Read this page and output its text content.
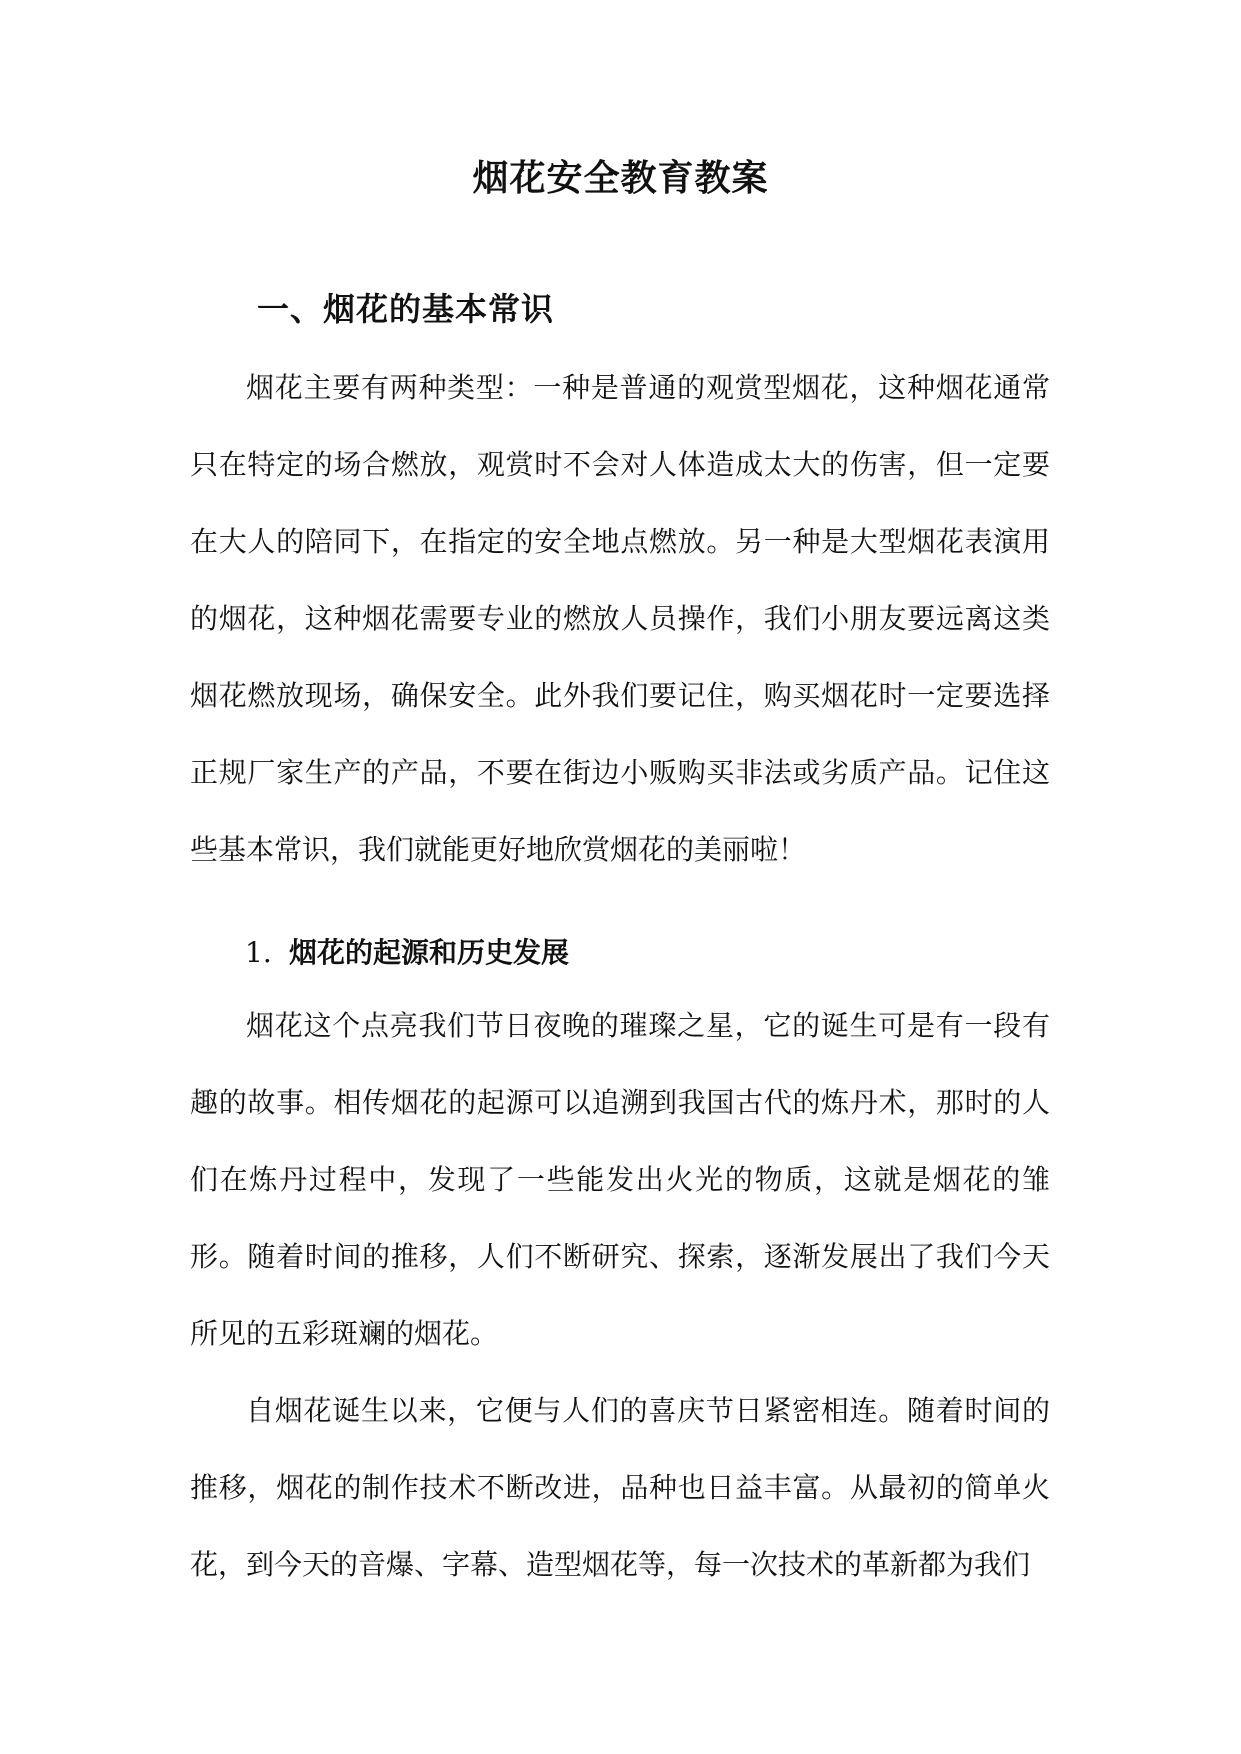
烟花安全教育教案
一、烟花的基本常识

烟花主要有两种类型：一种是普通的观赏型烟花，这种烟花通常只在特定的场合燃放，观赏时不会对人体造成太大的伤害，但一定要在大人的陪同下，在指定的安全地点燃放。另一种是大型烟花表演用的烟花，这种烟花需要专业的燃放人员操作，我们小朋友要远离这类烟花燃放现场，确保安全。此外我们要记住，购买烟花时一定要选择正规厂家生产的产品，不要在街边小贩购买非法或劣质产品。记住这些基本常识，我们就能更好地欣赏烟花的美丽啦！

1. 烟花的起源和历史发展

烟花这个点亮我们节日夜晚的璀璨之星，它的诞生可是有一段有趣的故事。相传烟花的起源可以追溯到我国古代的炼丹术，那时的人们在炼丹过程中，发现了一些能发出火光的物质，这就是烟花的雏形。随着时间的推移，人们不断研究、探索，逐渐发展出了我们今天所见的五彩斑斓的烟花。

自烟花诞生以来，它便与人们的喜庆节日紧密相连。随着时间的推移，烟花的制作技术不断改进，品种也日益丰富。从最初的简单火花，到今天的音爆、字幕、造型烟花等，每一次技术的革新都为我们
